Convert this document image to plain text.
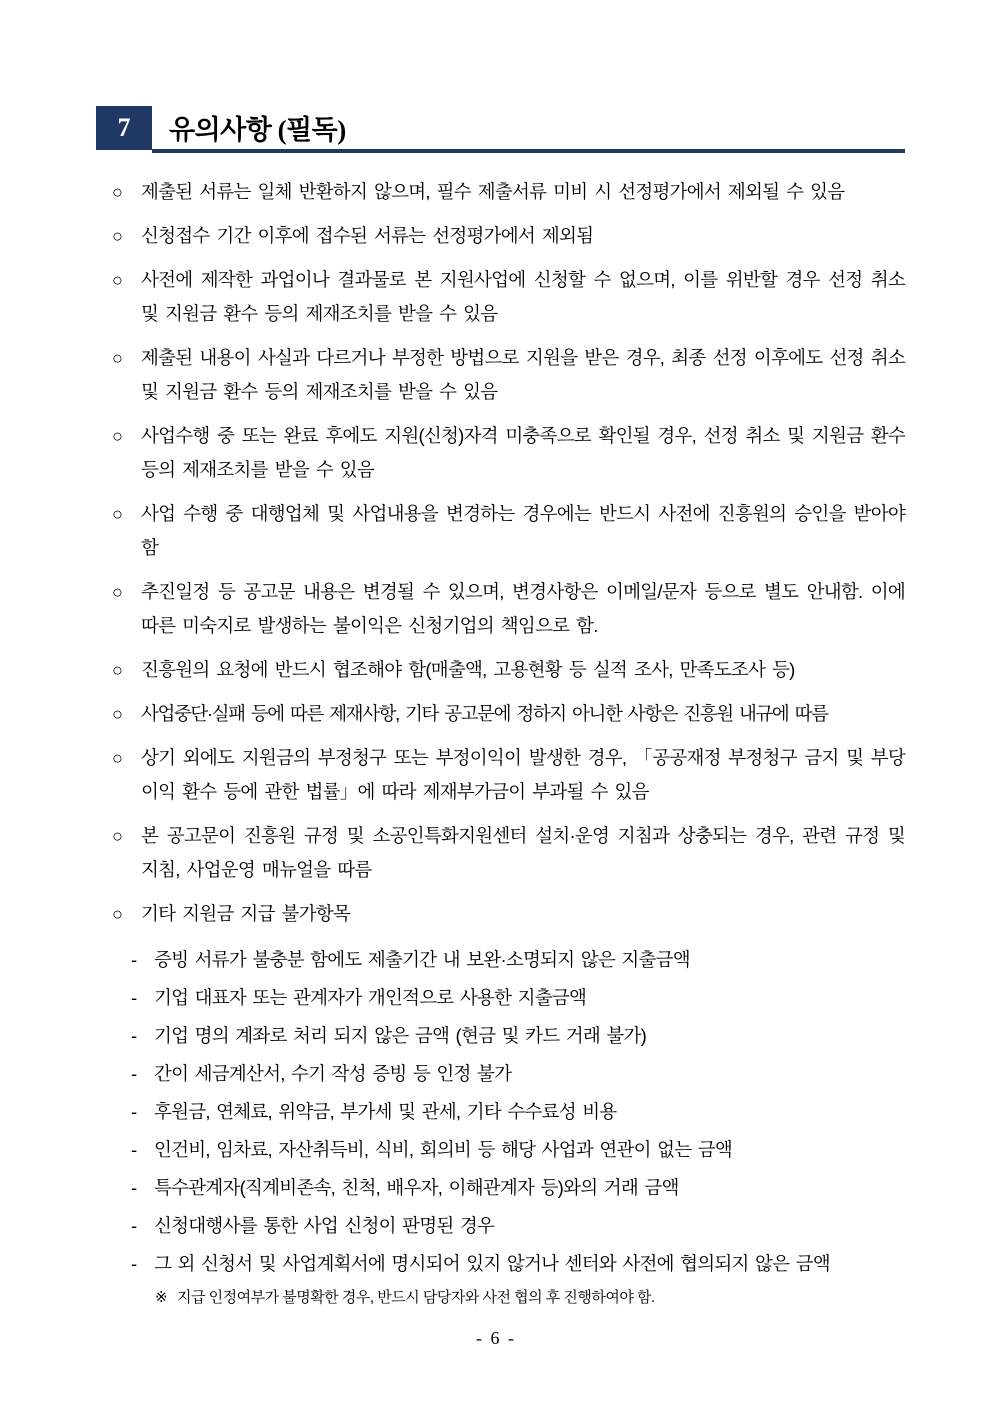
7	유의사항 (필독)
○ 제출된 서류는 일체 반환하지 않으며, 필수 제출서류 미비 시 선정평가에서 제외될 수 있음
○ 신청접수 기간 이후에 접수된 서류는 선정평가에서 제외됨
○ 사전에 제작한 과업이나 결과물로 본 지원사업에 신청할 수 없으며, 이를 위반할 경우 선정 취소 및 지원금 환수 등의 제재조치를 받을 수 있음
○ 제출된 내용이 사실과 다르거나 부정한 방법으로 지원을 받은 경우, 최종 선정 이후에도 선정 취소 및 지원금 환수 등의 제재조치를 받을 수 있음
○ 사업수행 중 또는 완료 후에도 지원(신청)자격 미충족으로 확인될 경우, 선정 취소 및 지원금 환수 등의 제재조치를 받을 수 있음
○ 사업 수행 중 대행업체 및 사업내용을 변경하는 경우에는 반드시 사전에 진흥원의 승인을 받아야 함
○ 추진일정 등 공고문 내용은 변경될 수 있으며, 변경사항은 이메일/문자 등으로 별도 안내함. 이에 따른 미숙지로 발생하는 불이익은 신청기업의 책임으로 함.
○ 진흥원의 요청에 반드시 협조해야 함(매출액, 고용현황 등 실적 조사, 만족도조사 등)
○ 사업중단·실패 등에 따른 제재사항, 기타 공고문에 정하지 아니한 사항은 진흥원 내규에 따름
○ 상기 외에도 지원금의 부정청구 또는 부정이익이 발생한 경우, 「공공재정 부정청구 금지 및 부당이익 환수 등에 관한 법률」에 따라 제재부가금이 부과될 수 있음
○ 본 공고문이 진흥원 규정 및 소공인특화지원센터 설치·운영 지침과 상충되는 경우, 관련 규정 및 지침, 사업운영 매뉴얼을 따름
○ 기타 지원금 지급 불가항목
- 증빙 서류가 불충분 함에도 제출기간 내 보완·소명되지 않은 지출금액
- 기업 대표자 또는 관계자가 개인적으로 사용한 지출금액
- 기업 명의 계좌로 처리 되지 않은 금액 (현금 및 카드 거래 불가)
- 간이 세금계산서, 수기 작성 증빙 등 인정 불가
- 후원금, 연체료, 위약금, 부가세 및 관세, 기타 수수료성 비용
- 인건비, 임차료, 자산취득비, 식비, 회의비 등 해당 사업과 연관이 없는 금액
- 특수관계자(직계비존속, 친척, 배우자, 이해관계자 등)와의 거래 금액
- 신청대행사를 통한 사업 신청이 판명된 경우
- 그 외 신청서 및 사업계획서에 명시되어 있지 않거나 센터와 사전에 협의되지 않은 금액
※ 지급 인정여부가 불명확한 경우, 반드시 담당자와 사전 협의 후 진행하여야 함.
- 6 -
